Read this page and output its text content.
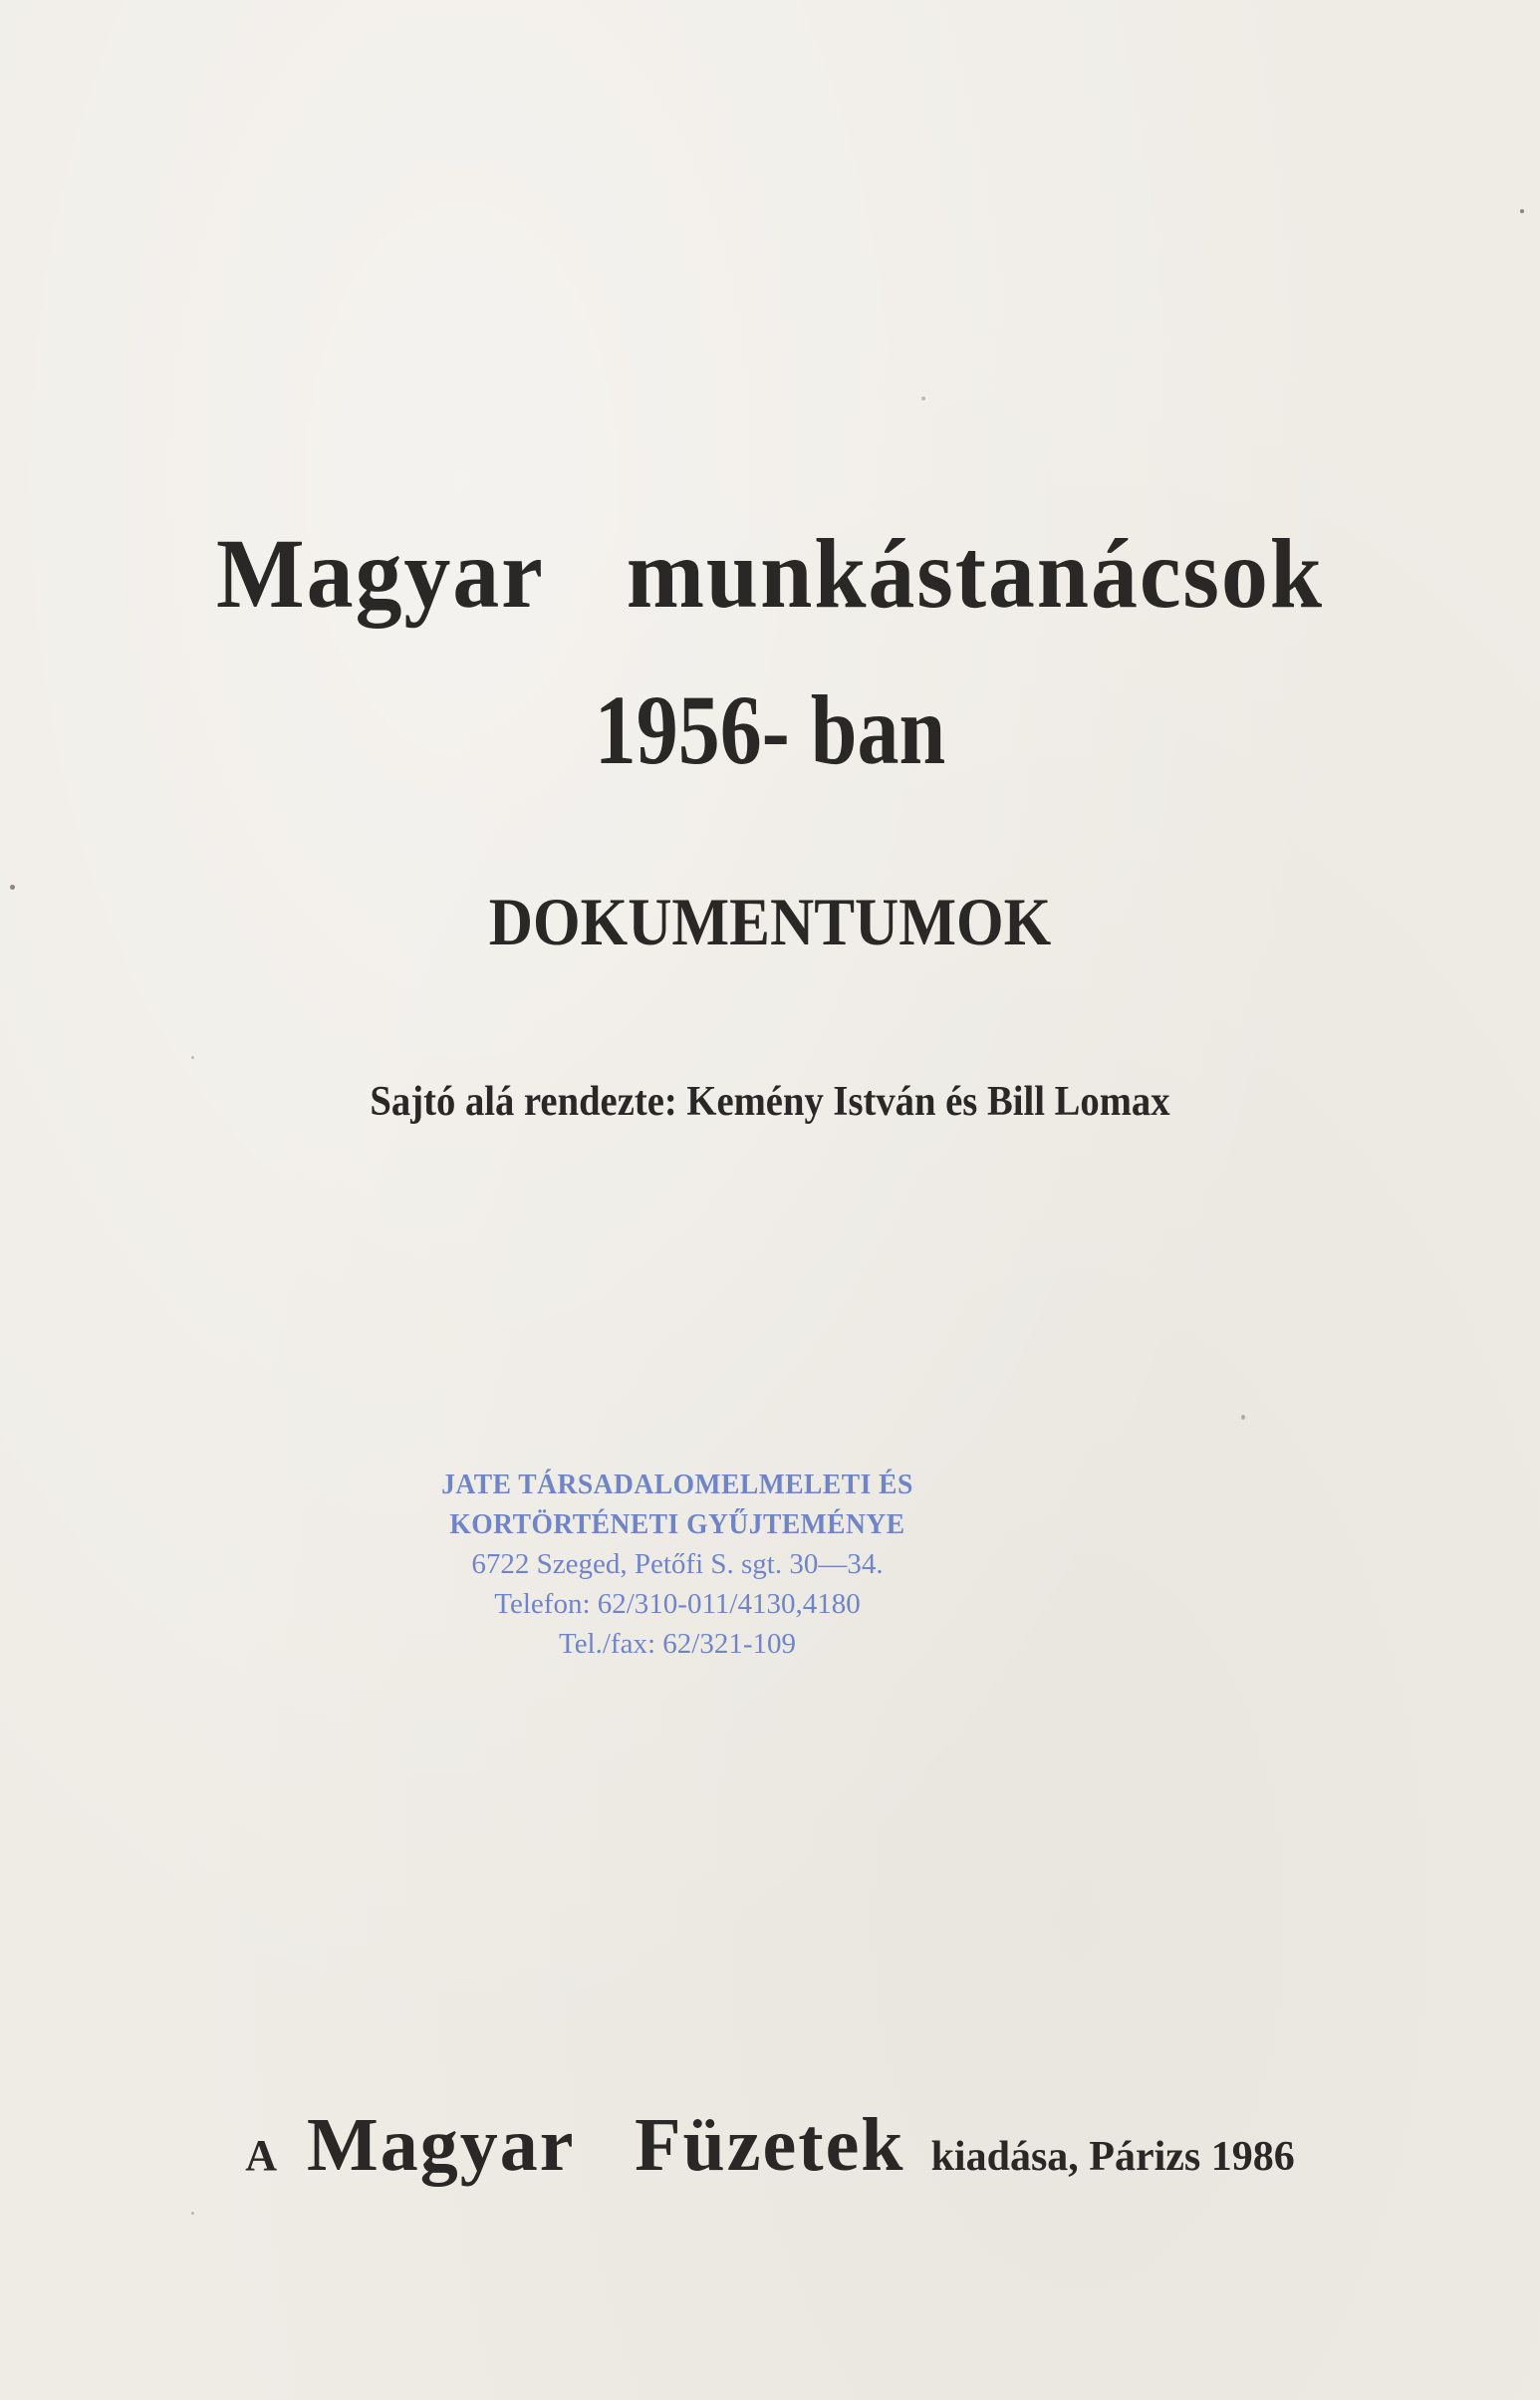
Magyar munkástanácsok
1956- ban
DOKUMENTUMOK
Sajtó alá rendezte: Kemény István és Bill Lomax
JATE TÁRSADALOMELMELETI ÉS
KORTÖRTÉNETI GYŰJTEMÉNYE
6722 Szeged, Petőfi S. sgt. 30—34.
Telefon: 62/310-011/4130,4180
Tel./fax: 62/321-109
A Magyar Füzetek kiadása, Párizs 1986
